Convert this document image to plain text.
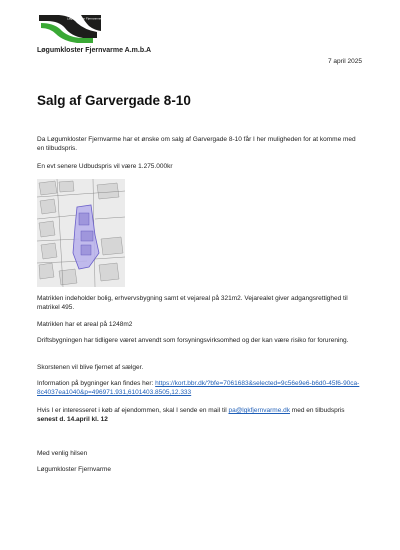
Løgumkloster Fjernvarme
Løgumkloster Fjernvarme A.m.b.A
7 april 2025
Salg af Garvergade 8-10

Da Løgumkloster Fjernvarme har et ønske om salg af Garvergade 8-10 får I her muligheden for at komme med en tilbudspris.

En evt senere Udbudspris vil være 1.275.000kr

Matriklen indeholder bolig, erhvervsbygning samt et vejareal på 321m2. Vejarealet giver adgangsrettighed til matrikel 495.

Matriklen har et areal på 1248m2

Driftsbygningen har tidligere været anvendt som forsyningsvirksomhed og der kan være risiko for forurening.

Skorstenen vil blive fjernet af sælger.

Information på bygninger kan findes her: https://kort.bbr.dk/?bfe=7061683&selected=9c56e9e6-b6d0-45f6-90ca-8c4037ea1040&p=496971.931,6101403.8505,12.333

Hvis I er interesseret i køb af ejendommen, skal I sende en mail til pa@lgkfjernvarme.dk med en tilbudspris
senest d. 14.april kl. 12

Med venlig hilsen

Løgumkloster Fjernvarme
